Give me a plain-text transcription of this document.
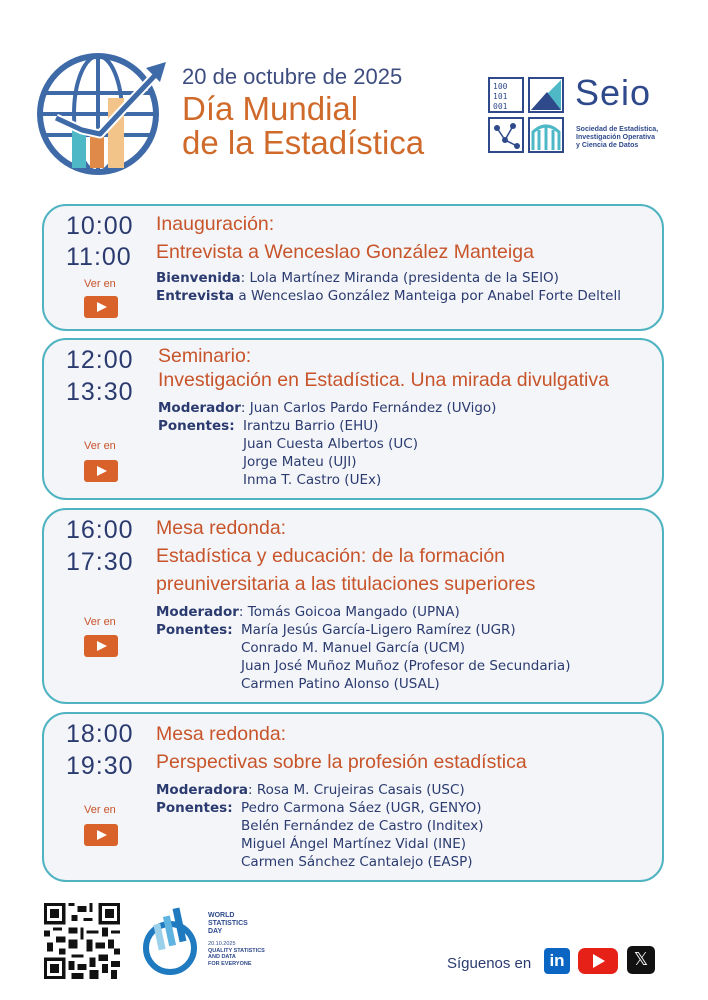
20 de octubre de 2025
Día Mundial
de la Estadística
100
101
001 Seio
Sociedad de Estadística,
Investigación Operativa
y Ciencia de Datos
10:00
11:00
Ver en
Inauguración:
Entrevista a Wenceslao González Manteiga
Bienvenida: Lola Martínez Miranda (presidenta de la SEIO)
Entrevista a Wenceslao González Manteiga por Anabel Forte Deltell
12:00
13:30
Ver en
Seminario:
Investigación en Estadística. Una mirada divulgativa
Moderador: Juan Carlos Pardo Fernández (UVigo)
Ponentes: Irantzu Barrio (EHU)
Juan Cuesta Albertos (UC)
Jorge Mateu (UJI)
Inma T. Castro (UEx)
16:00
17:30
Ver en
Mesa redonda:
Estadística y educación: de la formación
preuniversitaria a las titulaciones superiores
Moderador: Tomás Goicoa Mangado (UPNA)
Ponentes: María Jesús García-Ligero Ramírez (UGR)
Conrado M. Manuel García (UCM)
Juan José Muñoz Muñoz (Profesor de Secundaria)
Carmen Patino Alonso (USAL)
18:00
19:30
Ver en
Mesa redonda:
Perspectivas sobre la profesión estadística
Moderadora: Rosa M. Crujeiras Casais (USC)
Ponentes: Pedro Carmona Sáez (UGR, GENYO)
Belén Fernández de Castro (Inditex)
Miguel Ángel Martínez Vidal (INE)
Carmen Sánchez Cantalejo (EASP)
WORLD
STATISTICS
DAY
20.10.2025
QUALITY STATISTICS
AND DATA
FOR EVERYONE	Síguenos en	in	𝕏
